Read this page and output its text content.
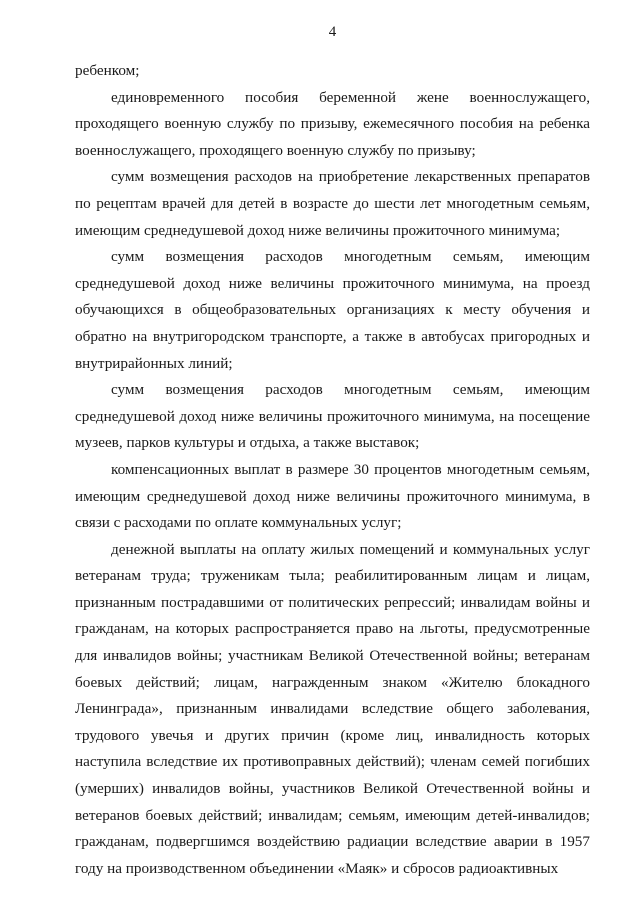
4

ребенком;

единовременного пособия беременной жене военнослужащего, проходящего военную службу по призыву, ежемесячного пособия на ребенка военнослужащего, проходящего военную службу по призыву;

сумм возмещения расходов на приобретение лекарственных препаратов по рецептам врачей для детей в возрасте до шести лет многодетным семьям, имеющим среднедушевой доход ниже величины прожиточного минимума;

сумм возмещения расходов многодетным семьям, имеющим среднедушевой доход ниже величины прожиточного минимума, на проезд обучающихся в общеобразовательных организациях к месту обучения и обратно на внутригородском транспорте, а также в автобусах пригородных и внутрирайонных линий;

сумм возмещения расходов многодетным семьям, имеющим среднедушевой доход ниже величины прожиточного минимума, на посещение музеев, парков культуры и отдыха, а также выставок;

компенсационных выплат в размере 30 процентов многодетным семьям, имеющим среднедушевой доход ниже величины прожиточного минимума, в связи с расходами по оплате коммунальных услуг;

денежной выплаты на оплату жилых помещений и коммунальных услуг ветеранам труда; труженикам тыла; реабилитированным лицам и лицам, признанным пострадавшими от политических репрессий; инвалидам войны и гражданам, на которых распространяется право на льготы, предусмотренные для инвалидов войны; участникам Великой Отечественной войны; ветеранам боевых действий; лицам, награжденным знаком «Жителю блокадного Ленинграда», признанным инвалидами вследствие общего заболевания, трудового увечья и других причин (кроме лиц, инвалидность которых наступила вследствие их противоправных действий); членам семей погибших (умерших) инвалидов войны, участников Великой Отечественной войны и ветеранов боевых действий; инвалидам; семьям, имеющим детей-инвалидов; гражданам, подвергшимся воздействию радиации вследствие аварии в 1957 году на производственном объединении «Маяк» и сбросов радиоактивных
